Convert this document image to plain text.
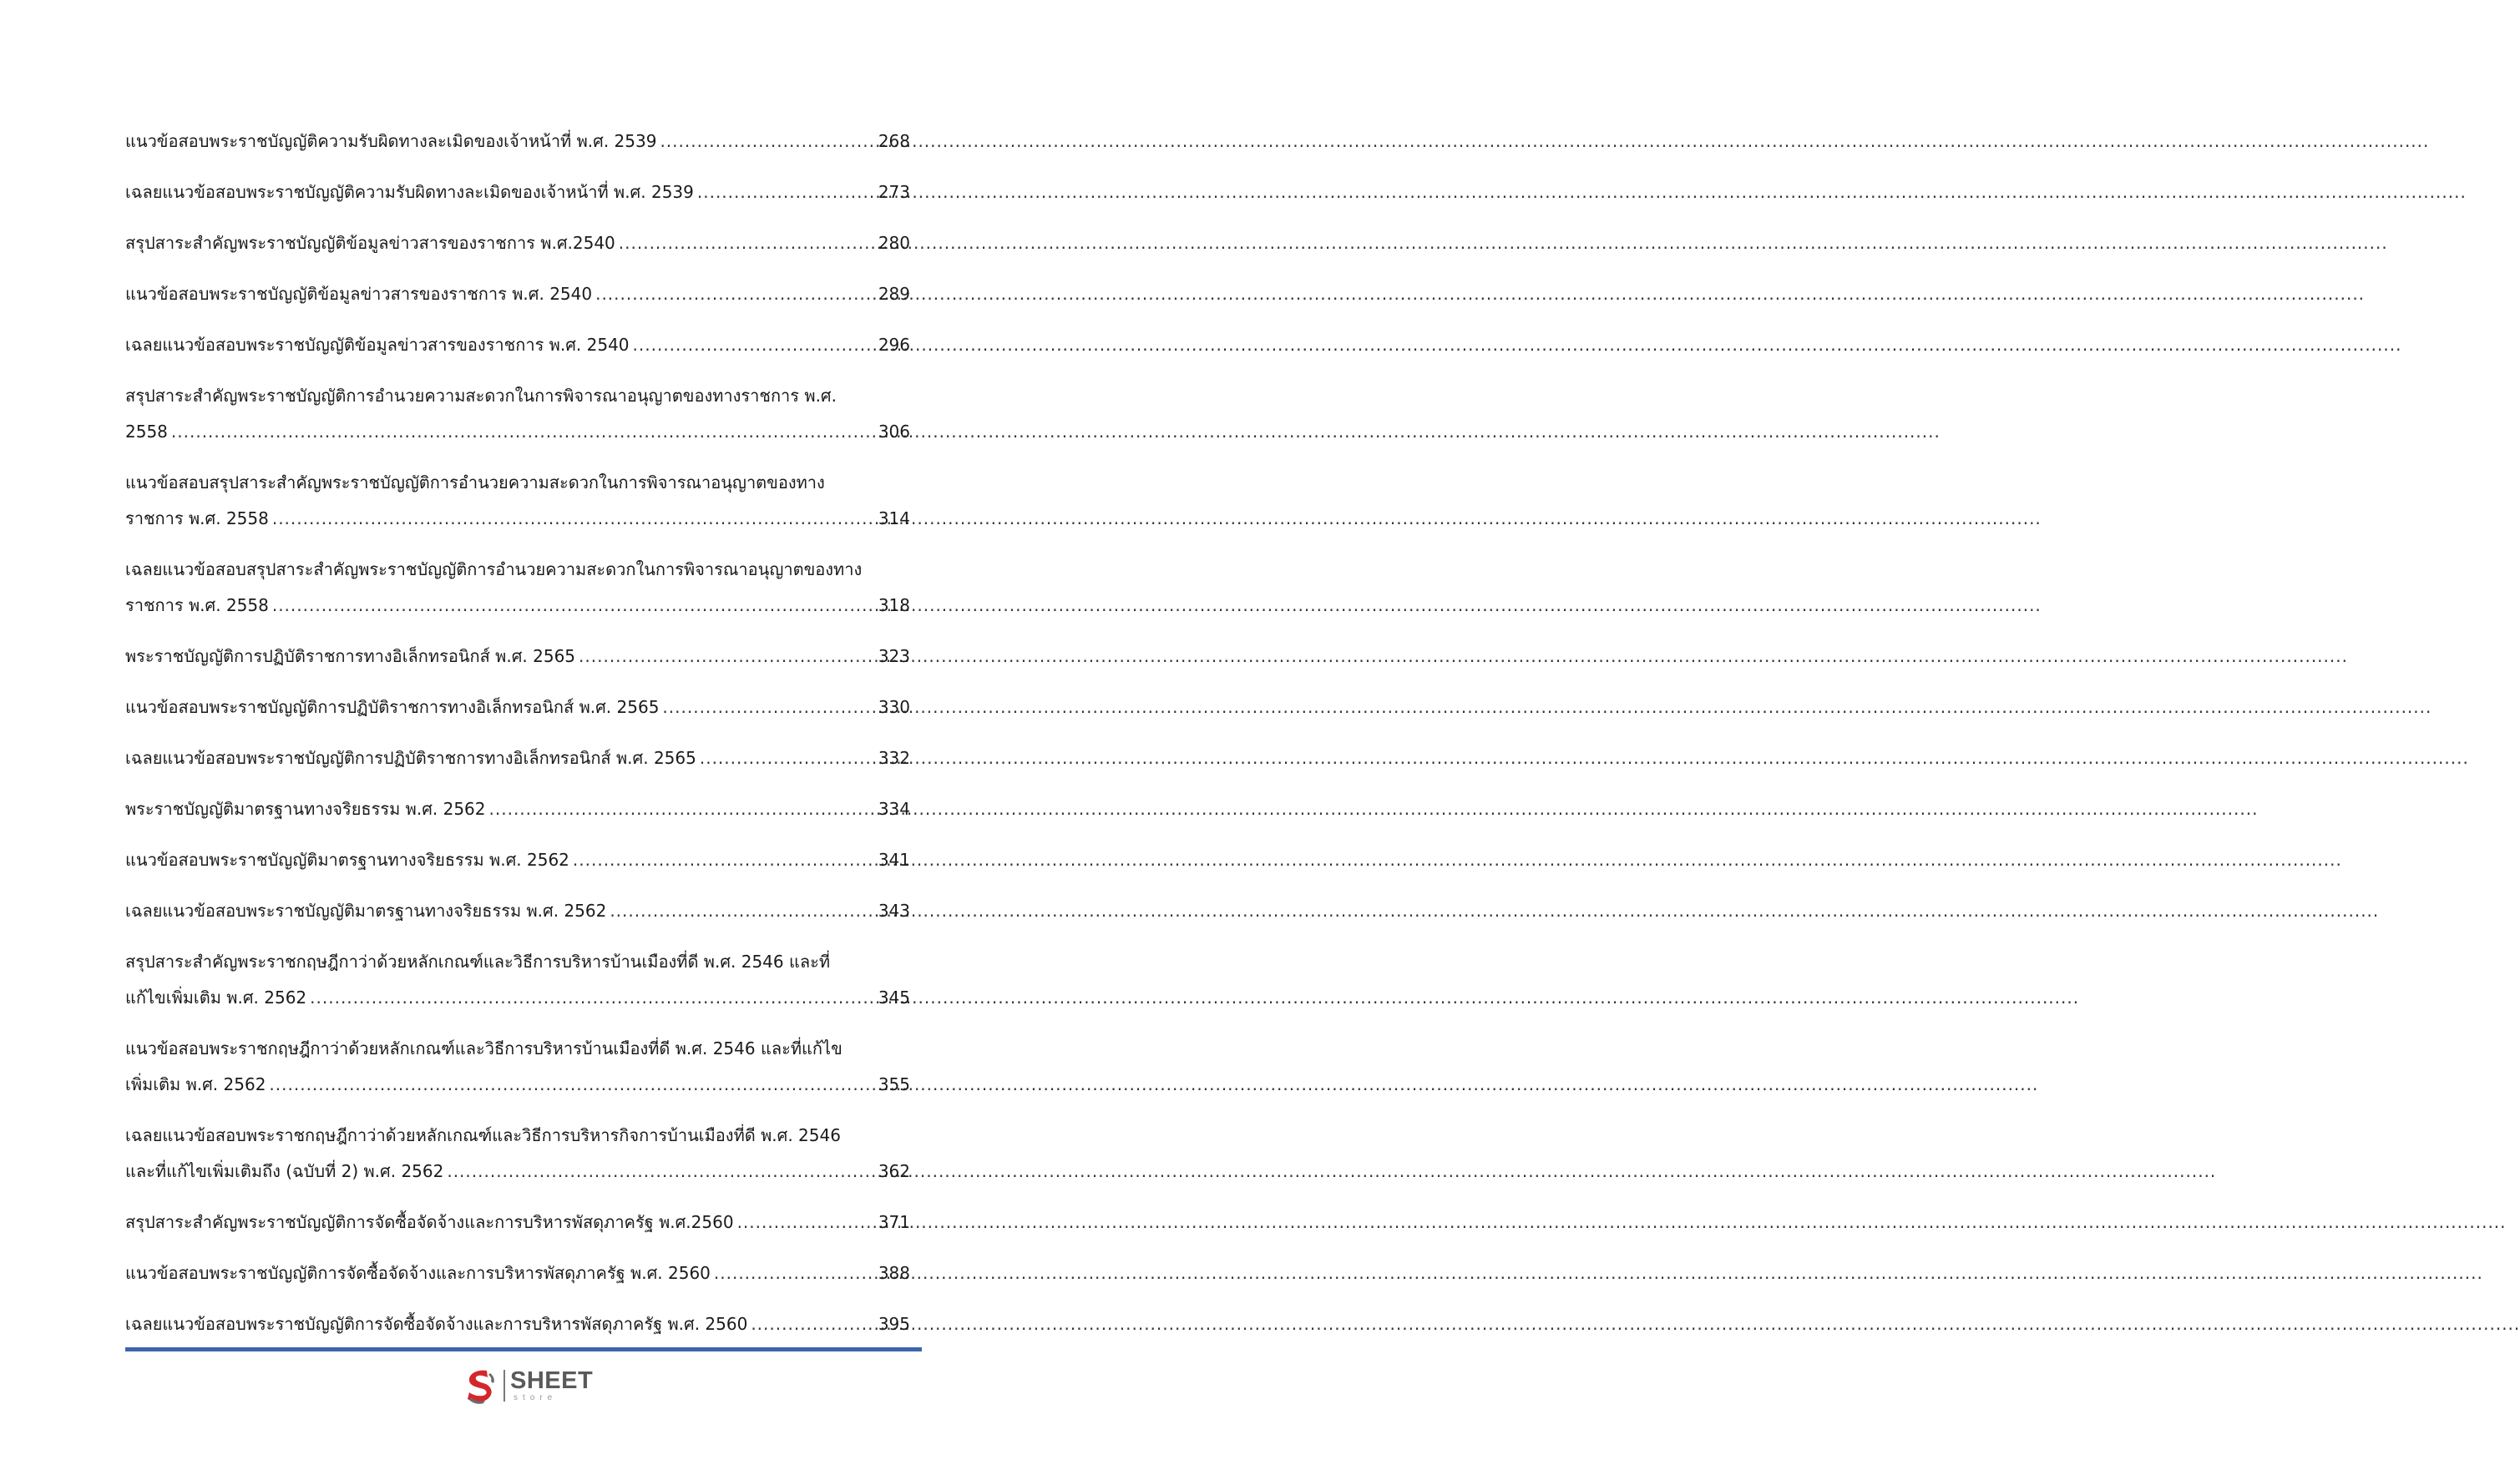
แนวข้อสอบพระราชบัญญัติความรับผิดทางละเมิดของเจ้าหน้าที่ พ.ศ. 2539 .....	268
เฉลยแนวข้อสอบพระราชบัญญัติความรับผิดทางละเมิดของเจ้าหน้าที่ พ.ศ. 2539 .....	273
สรุปสาระสำคัญพระราชบัญญัติข้อมูลข่าวสารของราชการ พ.ศ.2540 .....	280
แนวข้อสอบพระราชบัญญัติข้อมูลข่าวสารของราชการ พ.ศ. 2540 .....	289
เฉลยแนวข้อสอบพระราชบัญญัติข้อมูลข่าวสารของราชการ พ.ศ. 2540 .....	296
สรุปสาระสำคัญพระราชบัญญัติการอำนวยความสะดวกในการพิจารณาอนุญาตของทางราชการ พ.ศ.
2558 .....	306
แนวข้อสอบสรุปสาระสำคัญพระราชบัญญัติการอำนวยความสะดวกในการพิจารณาอนุญาตของทาง
ราชการ พ.ศ. 2558 .....	314
เฉลยแนวข้อสอบสรุปสาระสำคัญพระราชบัญญัติการอำนวยความสะดวกในการพิจารณาอนุญาตของทาง
ราชการ พ.ศ. 2558 .....	318
พระราชบัญญัติการปฏิบัติราชการทางอิเล็กทรอนิกส์ พ.ศ. 2565 .....	323
แนวข้อสอบพระราชบัญญัติการปฏิบัติราชการทางอิเล็กทรอนิกส์ พ.ศ. 2565 .....	330
เฉลยแนวข้อสอบพระราชบัญญัติการปฏิบัติราชการทางอิเล็กทรอนิกส์ พ.ศ. 2565 .....	332
พระราชบัญญัติมาตรฐานทางจริยธรรม พ.ศ. 2562 .....	334
แนวข้อสอบพระราชบัญญัติมาตรฐานทางจริยธรรม พ.ศ. 2562 .....	341
เฉลยแนวข้อสอบพระราชบัญญัติมาตรฐานทางจริยธรรม พ.ศ. 2562 .....	343
สรุปสาระสำคัญพระราชกฤษฎีกาว่าด้วยหลักเกณฑ์และวิธีการบริหารบ้านเมืองที่ดี พ.ศ. 2546 และที่
แก้ไขเพิ่มเติม พ.ศ. 2562 .....	345
แนวข้อสอบพระราชกฤษฎีกาว่าด้วยหลักเกณฑ์และวิธีการบริหารบ้านเมืองที่ดี พ.ศ. 2546 และที่แก้ไข
เพิ่มเติม พ.ศ. 2562 .....	355
เฉลยแนวข้อสอบพระราชกฤษฎีกาว่าด้วยหลักเกณฑ์และวิธีการบริหารกิจการบ้านเมืองที่ดี พ.ศ. 2546
และที่แก้ไขเพิ่มเติมถึง (ฉบับที่ 2) พ.ศ. 2562 .....	362
สรุปสาระสำคัญพระราชบัญญัติการจัดซื้อจัดจ้างและการบริหารพัสดุภาครัฐ พ.ศ.2560 .....	371
แนวข้อสอบพระราชบัญญัติการจัดซื้อจัดจ้างและการบริหารพัสดุภาครัฐ พ.ศ. 2560 .....	388
เฉลยแนวข้อสอบพระราชบัญญัติการจัดซื้อจัดจ้างและการบริหารพัสดุภาครัฐ พ.ศ. 2560 .....	395
SHEET
store
